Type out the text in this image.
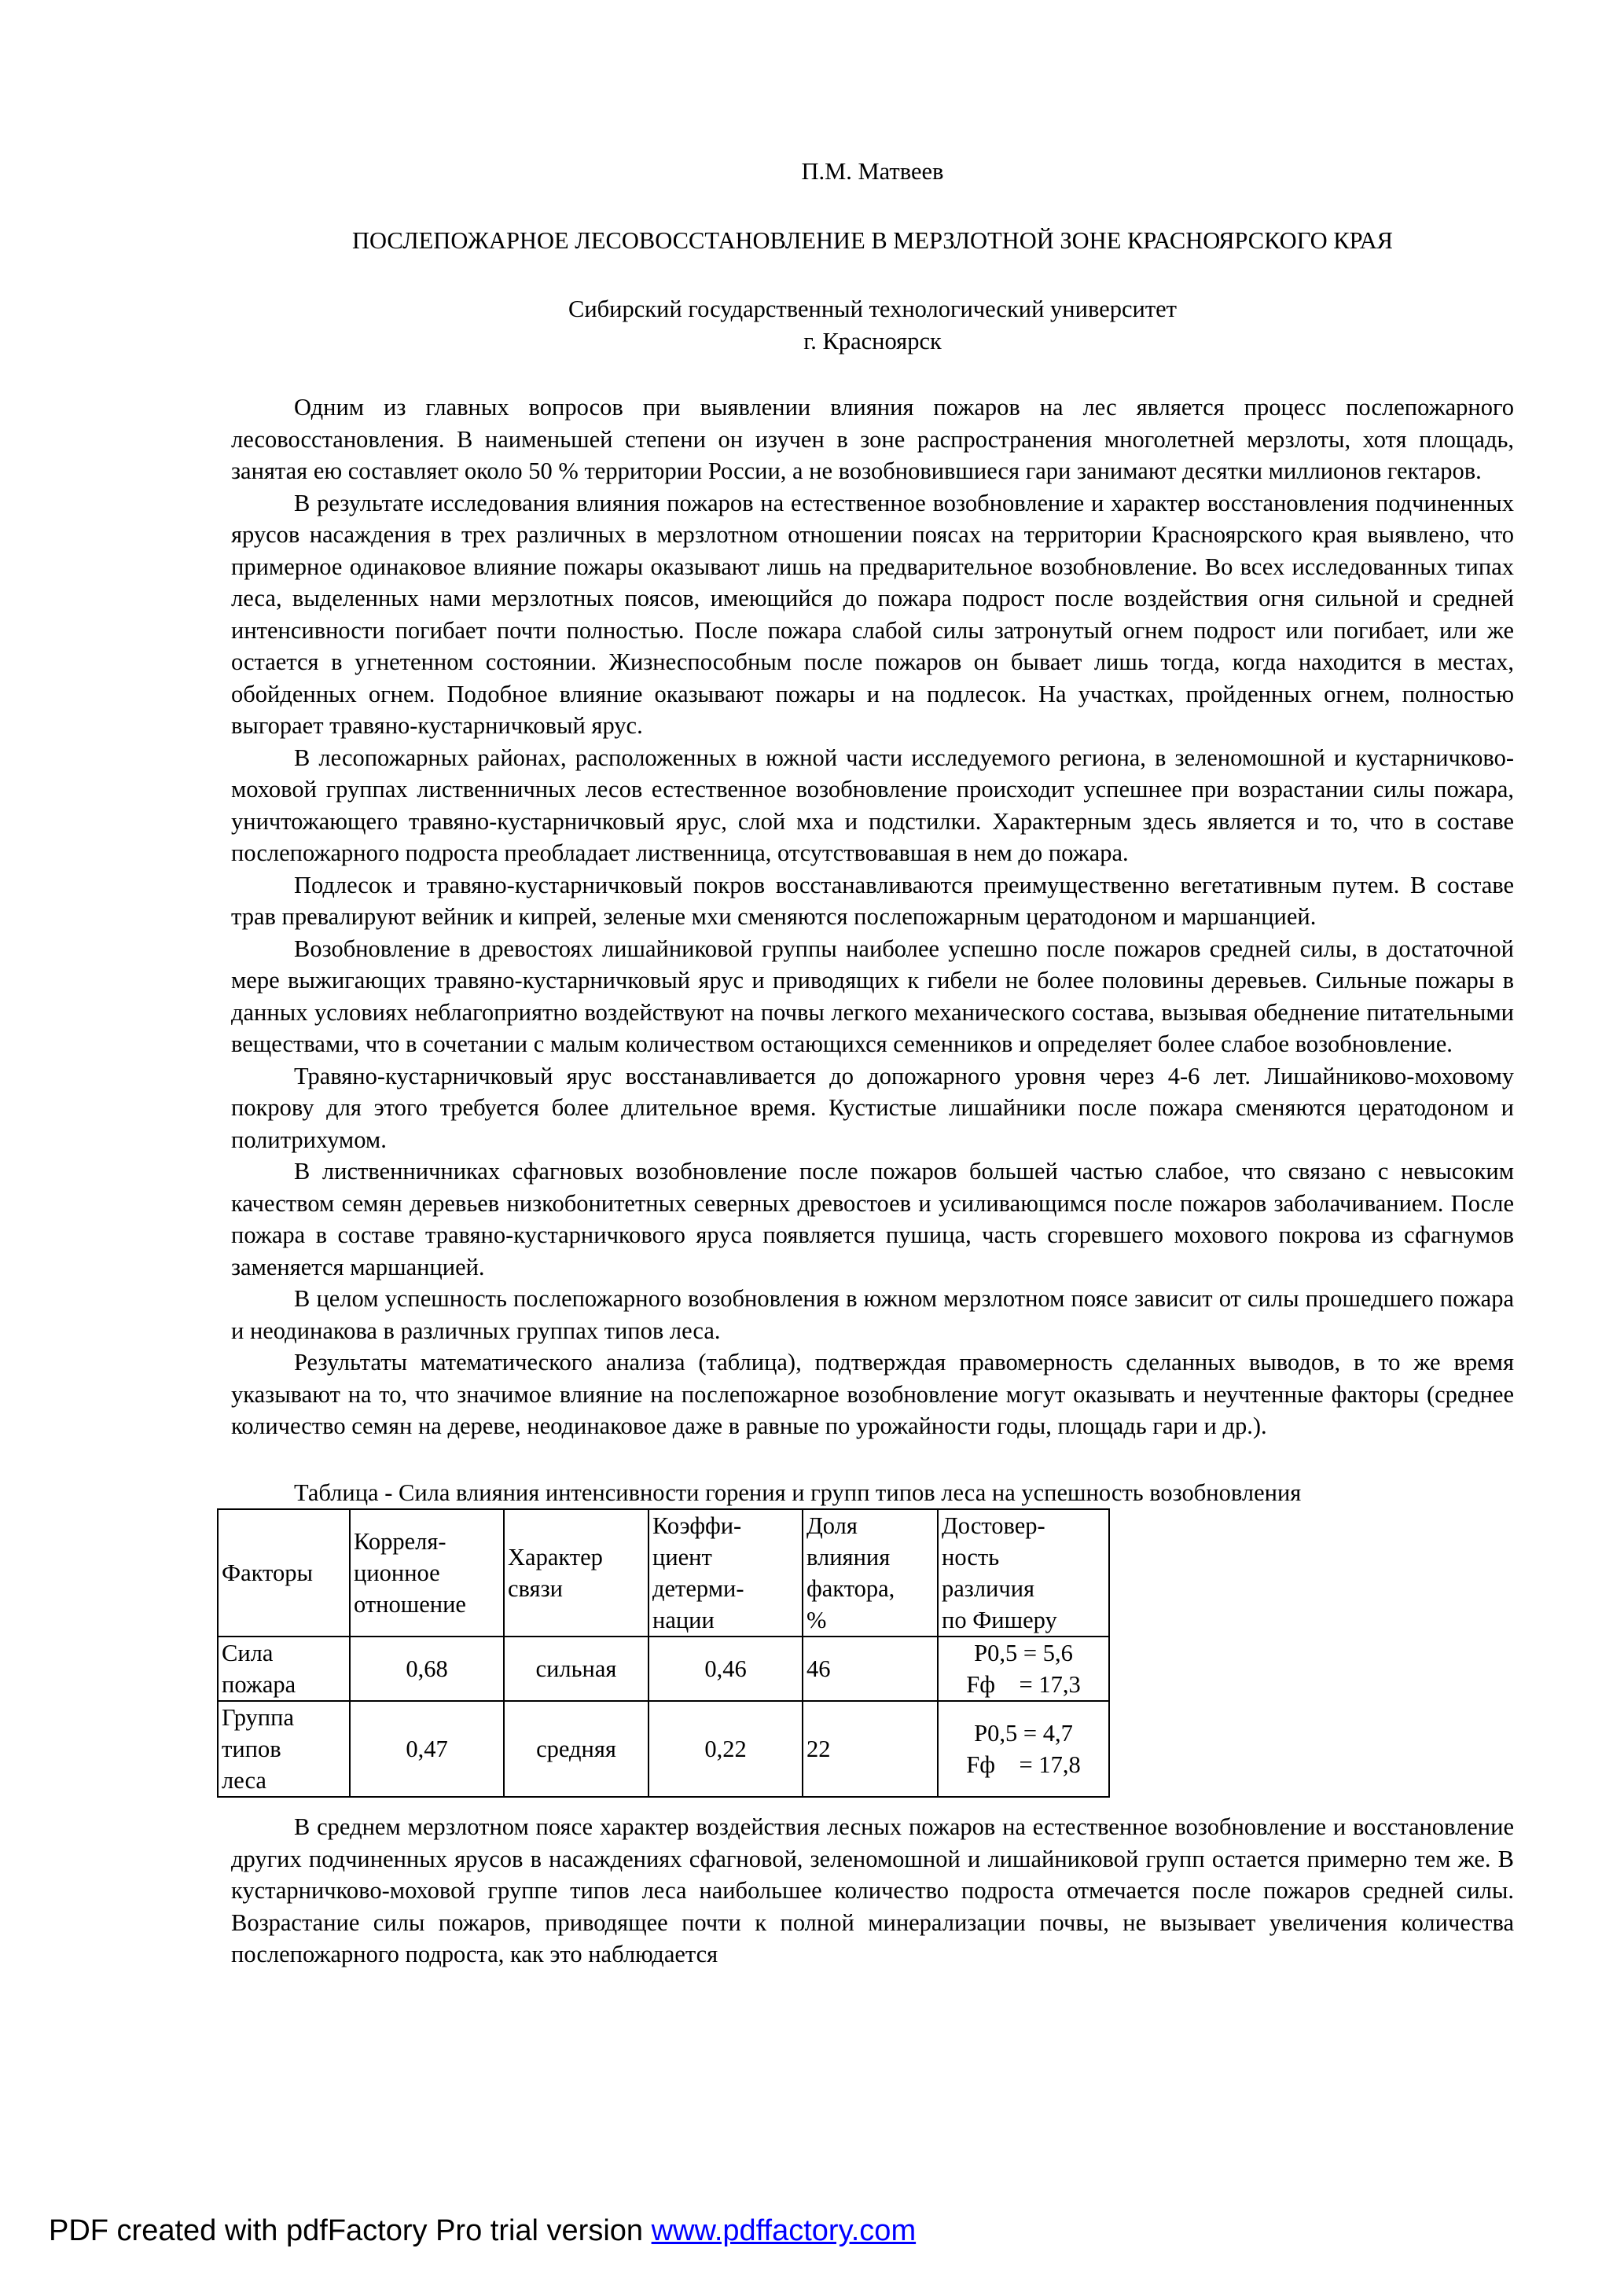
П.М. Матвеев

ПОСЛЕПОЖАРНОЕ ЛЕСОВОССТАНОВЛЕНИЕ В МЕРЗЛОТНОЙ ЗОНЕ КРАСНОЯРСКОГО КРАЯ
Сибирский государственный технологический университет
г. Красноярск

Одним из главных вопросов при выявлении влияния пожаров на лес является процесс послепожарного лесовосстановления. В наименьшей степени он изучен в зоне распространения многолетней мерзлоты, хотя площадь, занятая ею составляет около 50 % территории России, а не возобновившиеся гари занимают десятки миллионов гектаров.

В результате исследования влияния пожаров на естественное возобновление и характер восстановления подчиненных ярусов насаждения в трех различных в мерзлотном отношении поясах на территории Красноярского края выявлено, что примерное одинаковое влияние пожары оказывают лишь на предварительное возобновление. Во всех исследованных типах леса, выделенных нами мерзлотных поясов, имеющийся до пожара подрост после воздействия огня сильной и средней интенсивности погибает почти полностью. После пожара слабой силы затронутый огнем подрост или погибает, или же остается в угнетенном состоянии. Жизнеспособным после пожаров он бывает лишь тогда, когда находится в местах, обойденных огнем. Подобное влияние оказывают пожары и на подлесок. На участках, пройденных огнем, полностью выгорает травяно-кустарничковый ярус.

В лесопожарных районах, расположенных в южной части исследуемого региона, в зеленомошной и кустарничково-моховой группах лиственничных лесов естественное возобновление происходит успешнее при возрастании силы пожара, уничтожающего травяно-кустарничковый ярус, слой мха и подстилки. Характерным здесь является и то, что в составе послепожарного подроста преобладает лиственница, отсутствовавшая в нем до пожара.

Подлесок и травяно-кустарничковый покров восстанавливаются преимущественно вегетативным путем. В составе трав превалируют вейник и кипрей, зеленые мхи сменяются послепожарным цератодоном и маршанцией.

Возобновление в древостоях лишайниковой группы наиболее успешно после пожаров средней силы, в достаточной мере выжигающих травяно-кустарничковый ярус и приводящих к гибели не более половины деревьев. Сильные пожары в данных условиях неблагоприятно воздействуют на почвы легкого механического состава, вызывая обеднение питательными веществами, что в сочетании с малым количеством остающихся семенников и определяет более слабое возобновление.

Травяно-кустарничковый ярус восстанавливается до допожарного уровня через 4-6 лет. Лишайниково-моховому покрову для этого требуется более длительное время. Кустистые лишайники после пожара сменяются цератодоном и политрихумом.

В лиственничниках сфагновых возобновление после пожаров большей частью слабое, что связано с невысоким качеством семян деревьев низкобонитетных северных древостоев и усиливающимся после пожаров заболачиванием. После пожара в составе травяно-кустарничкового яруса появляется пушица, часть сгоревшего мохового покрова из сфагнумов заменяется маршанцией.

В целом успешность послепожарного возобновления в южном мерзлотном поясе зависит от силы прошедшего пожара и неодинакова в различных группах типов леса.

Результаты математического анализа (таблица), подтверждая правомерность сделанных выводов, в то же время указывают на то, что значимое влияние на послепожарное возобновление могут оказывать и неучтенные факторы (среднее количество семян на дереве, неодинаковое даже в равные по урожайности годы, площадь гари и др.).

Таблица - Сила влияния интенсивности горения и групп типов леса на успешность возобновления

Факторы	Корреля-
ционное
отношение	Характер
связи	Коэффи-
циент
детерми-
нации	Доля
влияния
фактора,
%	Достовер-
ность
различия
по Фишеру

Сила
пожара	0,68	сильная	0,46	46	P0,5 = 5,6
Fф    = 17,3

Группа
типов
леса	0,47	средняя	0,22	22	P0,5 = 4,7
Fф    = 17,8

В среднем мерзлотном поясе характер воздействия лесных пожаров на естественное возобновление и восстановление других подчиненных ярусов в насаждениях сфагновой, зеленомошной и лишайниковой групп остается примерно тем же. В кустарничково-моховой группе типов леса наибольшее количество подроста отмечается после пожаров средней силы. Возрастание силы пожаров, приводящее почти к полной минерализации почвы, не вызывает увеличения количества послепожарного подроста, как это наблюдается

PDF created with pdfFactory Pro trial version www.pdffactory.com
